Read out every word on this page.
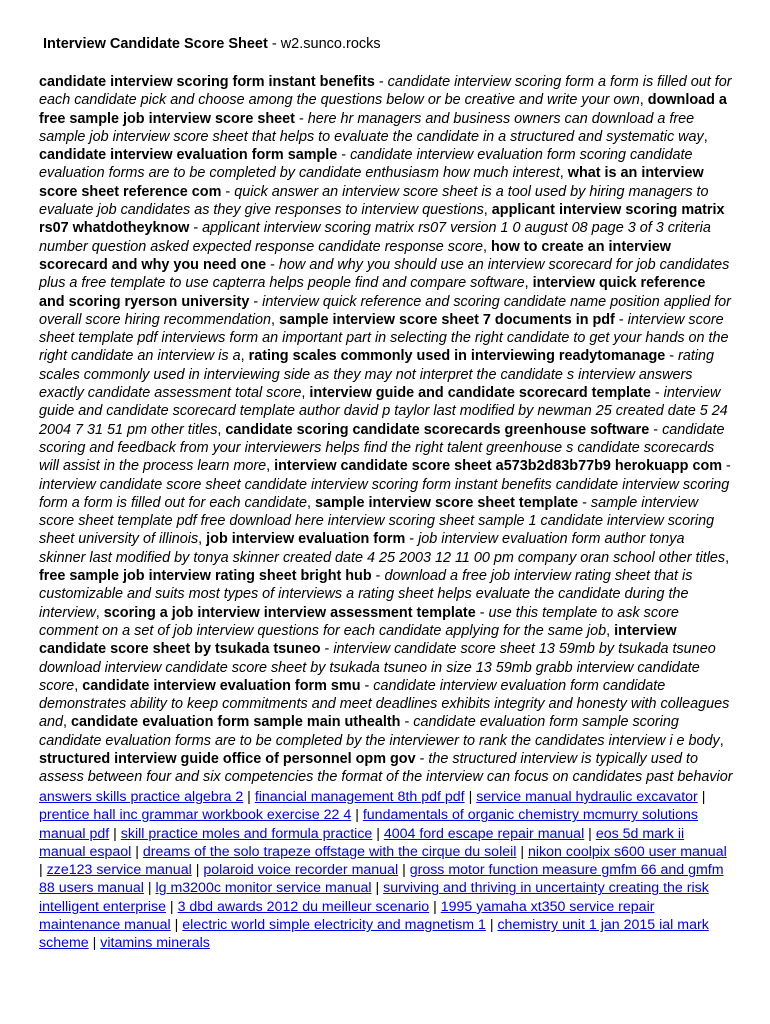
Interview Candidate Score Sheet - w2.sunco.rocks
candidate interview scoring form instant benefits - candidate interview scoring form a form is filled out for each candidate pick and choose among the questions below or be creative and write your own, download a free sample job interview score sheet - here hr managers and business owners can download a free sample job interview score sheet that helps to evaluate the candidate in a structured and systematic way, candidate interview evaluation form sample - candidate interview evaluation form scoring candidate evaluation forms are to be completed by candidate enthusiasm how much interest, what is an interview score sheet reference com - quick answer an interview score sheet is a tool used by hiring managers to evaluate job candidates as they give responses to interview questions, applicant interview scoring matrix rs07 whatdotheyknow - applicant interview scoring matrix rs07 version 1 0 august 08 page 3 of 3 criteria number question asked expected response candidate response score, how to create an interview scorecard and why you need one - how and why you should use an interview scorecard for job candidates plus a free template to use capterra helps people find and compare software, interview quick reference and scoring ryerson university - interview quick reference and scoring candidate name position applied for overall score hiring recommendation, sample interview score sheet 7 documents in pdf - interview score sheet template pdf interviews form an important part in selecting the right candidate to get your hands on the right candidate an interview is a, rating scales commonly used in interviewing readytomanage - rating scales commonly used in interviewing side as they may not interpret the candidate s interview answers exactly candidate assessment total score, interview guide and candidate scorecard template - interview guide and candidate scorecard template author david p taylor last modified by newman 25 created date 5 24 2004 7 31 51 pm other titles, candidate scoring candidate scorecards greenhouse software - candidate scoring and feedback from your interviewers helps find the right talent greenhouse s candidate scorecards will assist in the process learn more, interview candidate score sheet a573b2d83b77b9 herokuapp com - interview candidate score sheet candidate interview scoring form instant benefits candidate interview scoring form a form is filled out for each candidate, sample interview score sheet template - sample interview score sheet template pdf free download here interview scoring sheet sample 1 candidate interview scoring sheet university of illinois, job interview evaluation form - job interview evaluation form author tonya skinner last modified by tonya skinner created date 4 25 2003 12 11 00 pm company oran school other titles, free sample job interview rating sheet bright hub - download a free job interview rating sheet that is customizable and suits most types of interviews a rating sheet helps evaluate the candidate during the interview, scoring a job interview interview assessment template - use this template to ask score comment on a set of job interview questions for each candidate applying for the same job, interview candidate score sheet by tsukada tsuneo - interview candidate score sheet 13 59mb by tsukada tsuneo download interview candidate score sheet by tsukada tsuneo in size 13 59mb grabb interview candidate score, candidate interview evaluation form smu - candidate interview evaluation form candidate demonstrates ability to keep commitments and meet deadlines exhibits integrity and honesty with colleagues and, candidate evaluation form sample main uthealth - candidate evaluation form sample scoring candidate evaluation forms are to be completed by the interviewer to rank the candidates interview i e body, structured interview guide office of personnel opm gov - the structured interview is typically used to assess between four and six competencies the format of the interview can focus on candidates past behavior
answers skills practice algebra 2 | financial management 8th pdf pdf | service manual hydraulic excavator | prentice hall inc grammar workbook exercise 22 4 | fundamentals of organic chemistry mcmurry solutions manual pdf | skill practice moles and formula practice | 4004 ford escape repair manual | eos 5d mark ii manual espaol | dreams of the solo trapeze offstage with the cirque du soleil | nikon coolpix s600 user manual | zze123 service manual | polaroid voice recorder manual | gross motor function measure gmfm 66 and gmfm 88 users manual | lg m3200c monitor service manual | surviving and thriving in uncertainty creating the risk intelligent enterprise | 3 dbd awards 2012 du meilleur scenario | 1995 yamaha xt350 service repair maintenance manual | electric world simple electricity and magnetism 1 | chemistry unit 1 jan 2015 ial mark scheme | vitamins minerals
